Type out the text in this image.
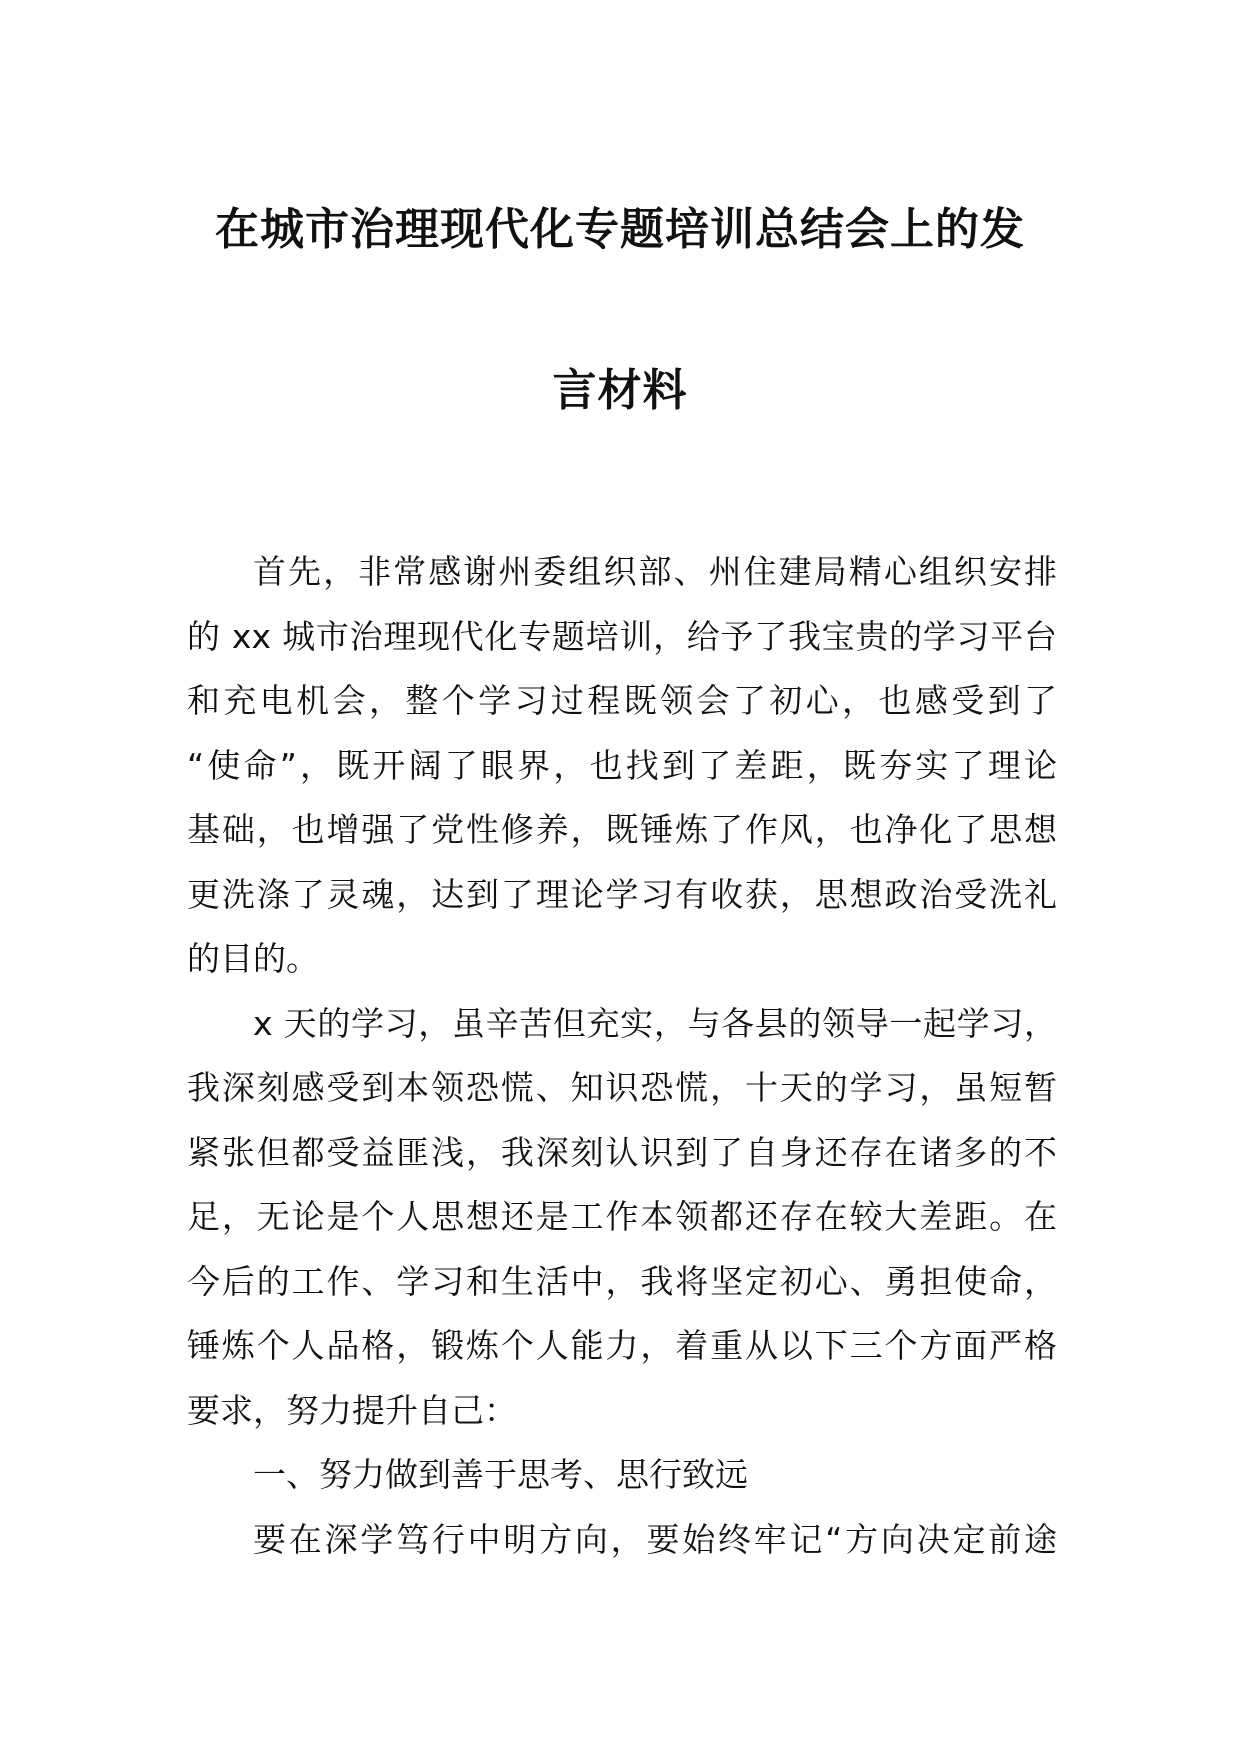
在城市治理现代化专题培训总结会上的发
言材料
首先，非常感谢州委组织部、州住建局精心组织安排
的 xx 城市治理现代化专题培训，给予了我宝贵的学习平台
和充电机会，整个学习过程既领会了初心，也感受到了
“使命”，既开阔了眼界，也找到了差距，既夯实了理论
基础，也增强了党性修养，既锤炼了作风，也净化了思想
更洗涤了灵魂，达到了理论学习有收获，思想政治受洗礼
的目的。
x 天的学习，虽辛苦但充实，与各县的领导一起学习，
我深刻感受到本领恐慌、知识恐慌，十天的学习，虽短暂
紧张但都受益匪浅，我深刻认识到了自身还存在诸多的不
足，无论是个人思想还是工作本领都还存在较大差距。在
今后的工作、学习和生活中，我将坚定初心、勇担使命，
锤炼个人品格，锻炼个人能力，着重从以下三个方面严格
要求，努力提升自己：
一、努力做到善于思考、思行致远
要在深学笃行中明方向，要始终牢记“方向决定前途
